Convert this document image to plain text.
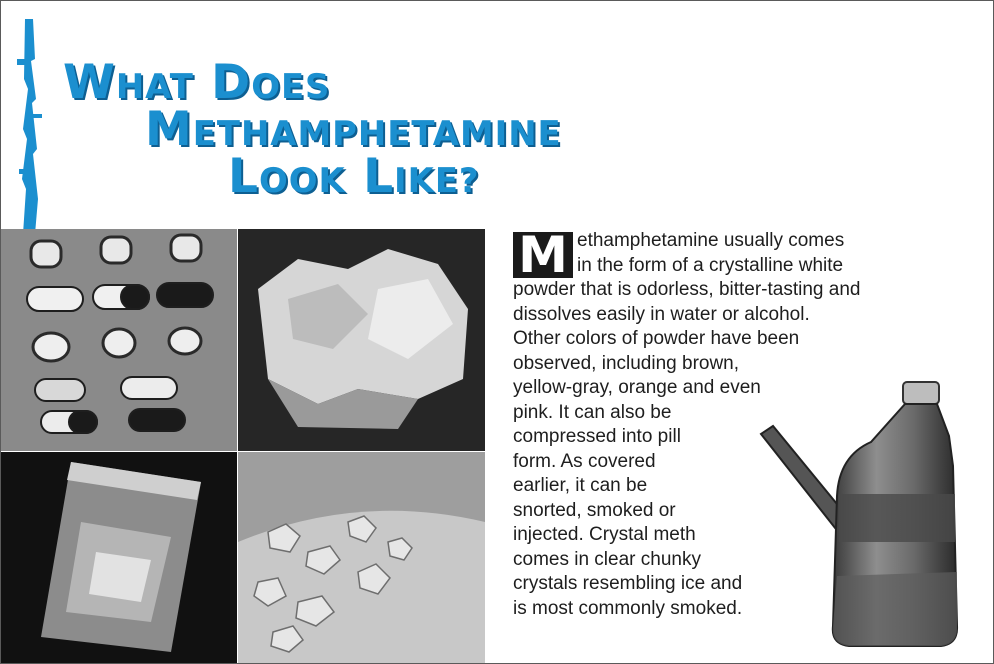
WHAT DOES
METHAMPHETAMINE
LOOK LIKE?
M ethamphetamine usually comes
in the form of a crystalline white
powder that is odorless, bitter-tasting and
dissolves easily in water or alcohol.
Other colors of powder have been
observed, including brown,
yellow-gray, orange and even
pink. It can also be
compressed into pill
form. As covered
earlier, it can be
snorted, smoked or
injected. Crystal meth
comes in clear chunky
crystals resembling ice and
is most commonly smoked.
